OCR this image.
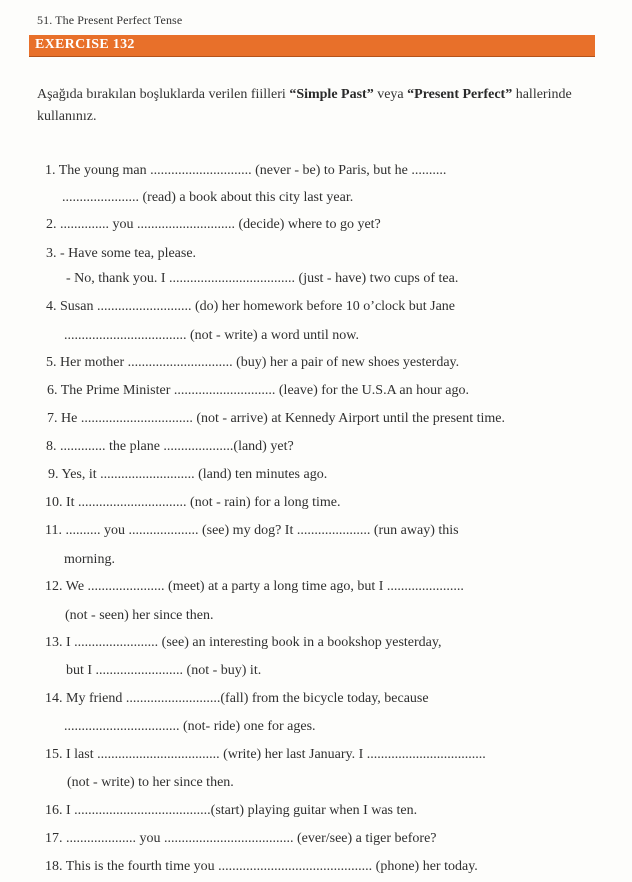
51. The Present Perfect Tense
EXERCISE 132
Aşağıda bırakılan boşluklarda verilen fiilleri “Simple Past” veya “Present Perfect” hallerinde kullanınız.
1. The young man ............................. (never - be) to Paris, but he ..........
...................... (read) a book about this city last year.
2. .............. you ............................ (decide) where to go yet?
3. - Have some tea, please.
- No, thank you. I .................................... (just - have) two cups of tea.
4. Susan ........................... (do) her homework before 10 o’clock but Jane
................................... (not - write) a word until now.
5. Her mother .............................. (buy) her a pair of new shoes yesterday.
6. The Prime Minister ............................. (leave) for the U.S.A an hour ago.
7. He ................................ (not - arrive) at Kennedy Airport until the present time.
8. ............. the plane ....................(land) yet?
9. Yes, it ........................... (land) ten minutes ago.
10. It ............................... (not - rain) for a long time.
11. .......... you .................... (see) my dog? It ..................... (run away) this
morning.
12. We ...................... (meet) at a party a long time ago, but I ......................
(not - seen) her since then.
13. I ........................ (see) an interesting book in a bookshop yesterday,
but I ......................... (not - buy) it.
14. My friend ...........................(fall) from the bicycle today, because
................................. (not- ride) one for ages.
15. I last ................................... (write) her last January. I ..................................
(not - write) to her since then.
16. I .......................................(start) playing guitar when I was ten.
17. .................... you ..................................... (ever/see) a tiger before?
18. This is the fourth time you ............................................ (phone) her today.
